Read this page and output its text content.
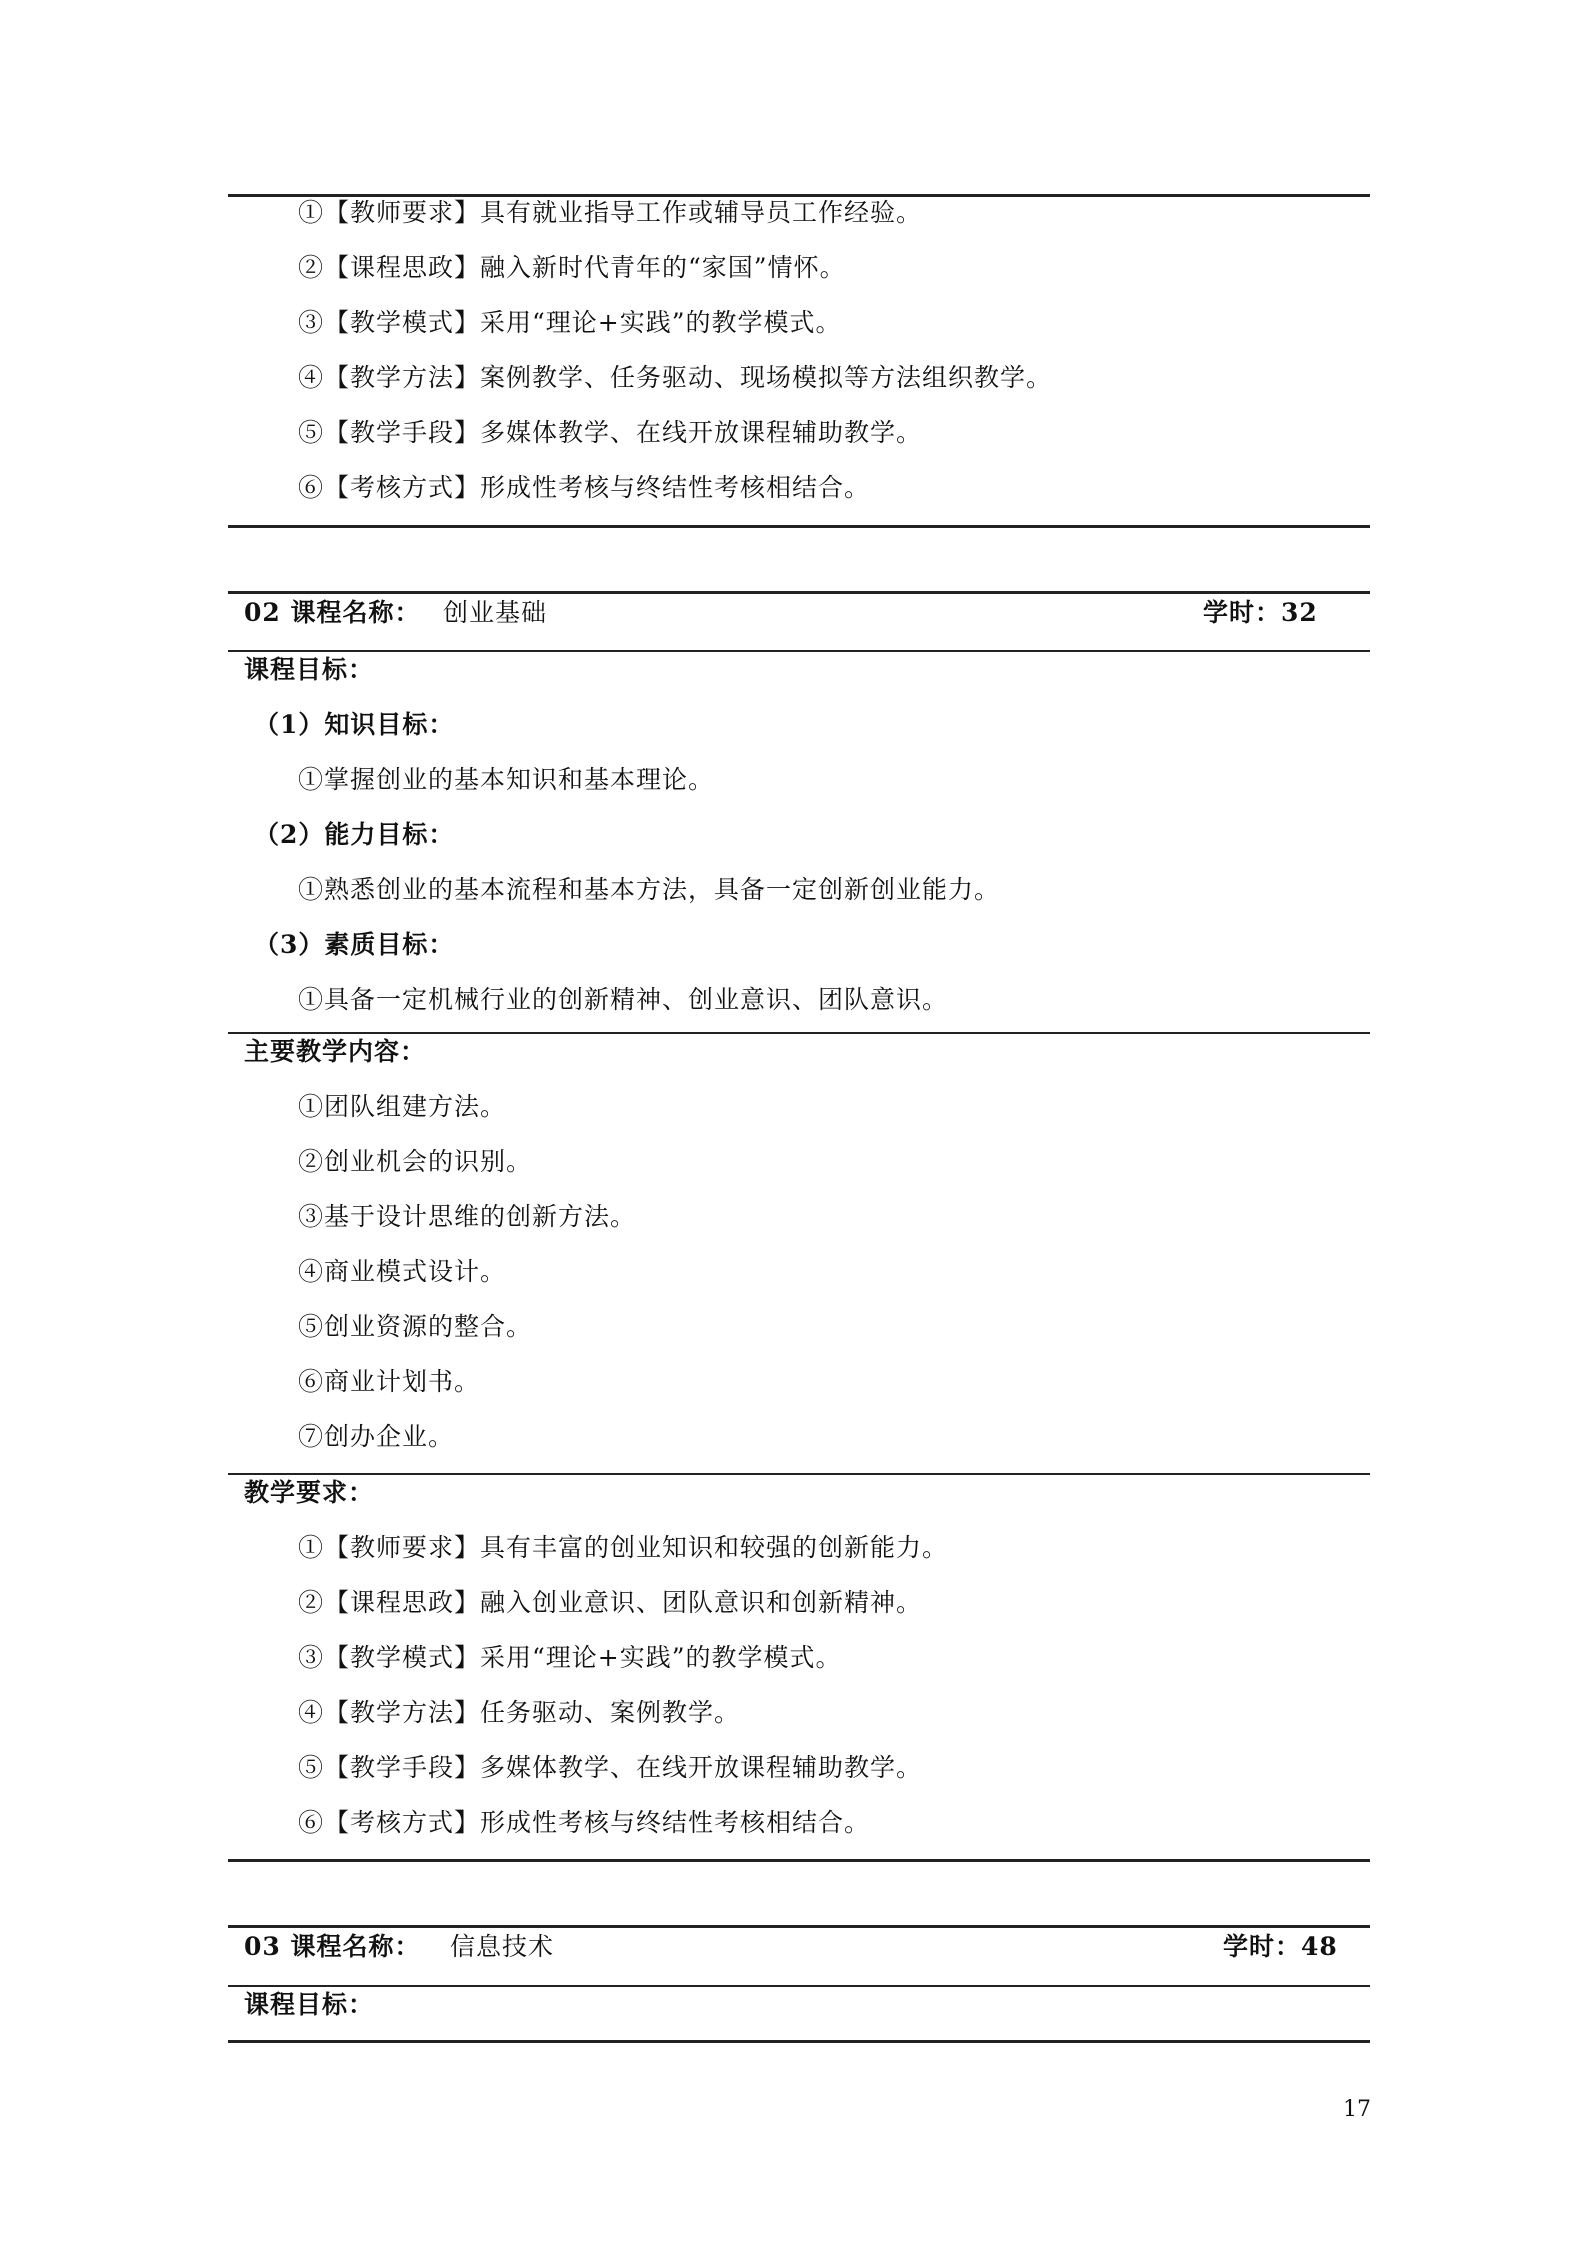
①【教师要求】具有就业指导工作或辅导员工作经验。
②【课程思政】融入新时代青年的“家国”情怀。
③【教学模式】采用“理论+实践”的教学模式。
④【教学方法】案例教学、任务驱动、现场模拟等方法组织教学。
⑤【教学手段】多媒体教学、在线开放课程辅助教学。
⑥【考核方式】形成性考核与终结性考核相结合。
02 课程名称： 创业基础	学时：32
课程目标：
（1）知识目标：
①掌握创业的基本知识和基本理论。
（2）能力目标：
①熟悉创业的基本流程和基本方法，具备一定创新创业能力。
（3）素质目标：
①具备一定机械行业的创新精神、创业意识、团队意识。
主要教学内容：
①团队组建方法。
②创业机会的识别。
③基于设计思维的创新方法。
④商业模式设计。
⑤创业资源的整合。
⑥商业计划书。
⑦创办企业。
教学要求：
①【教师要求】具有丰富的创业知识和较强的创新能力。
②【课程思政】融入创业意识、团队意识和创新精神。
③【教学模式】采用“理论+实践”的教学模式。
④【教学方法】任务驱动、案例教学。
⑤【教学手段】多媒体教学、在线开放课程辅助教学。
⑥【考核方式】形成性考核与终结性考核相结合。
03 课程名称： 信息技术	学时：48
课程目标：
17
